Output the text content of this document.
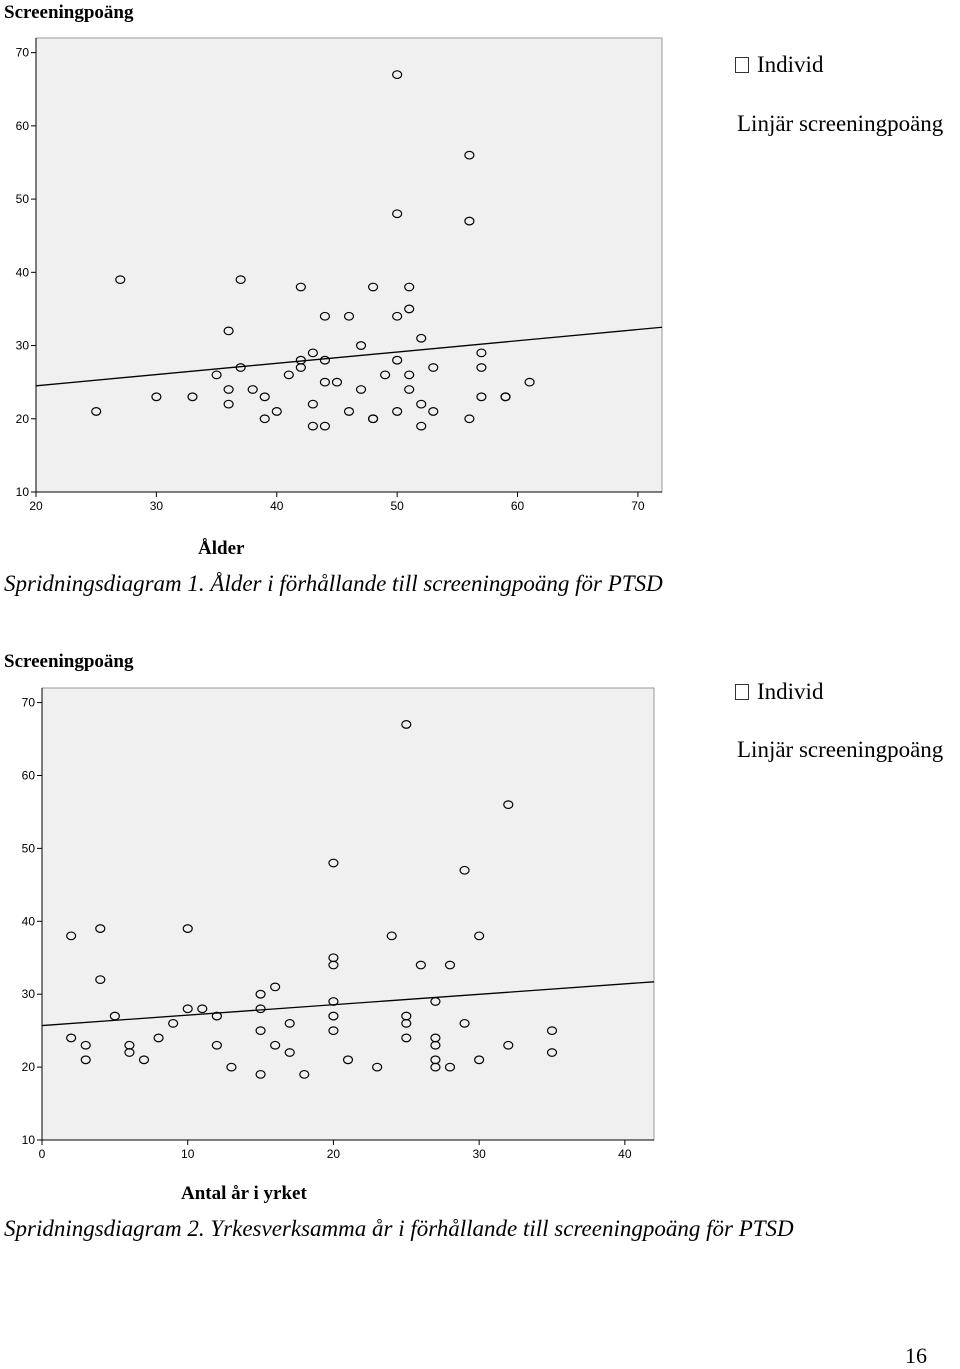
Screeningpoäng
10
20
30
40
50
60
70
20	30	40	50	60	70
Individ
Linjär screeningpoäng
Ålder
Spridningsdiagram 1. Ålder i förhållande till screeningpoäng för PTSD
Screeningpoäng
10
20
30
40
50
60
70
0	10	20	30	40
Individ
Linjär screeningpoäng
Antal år i yrket
Spridningsdiagram 2. Yrkesverksamma år i förhållande till screeningpoäng för PTSD
16
